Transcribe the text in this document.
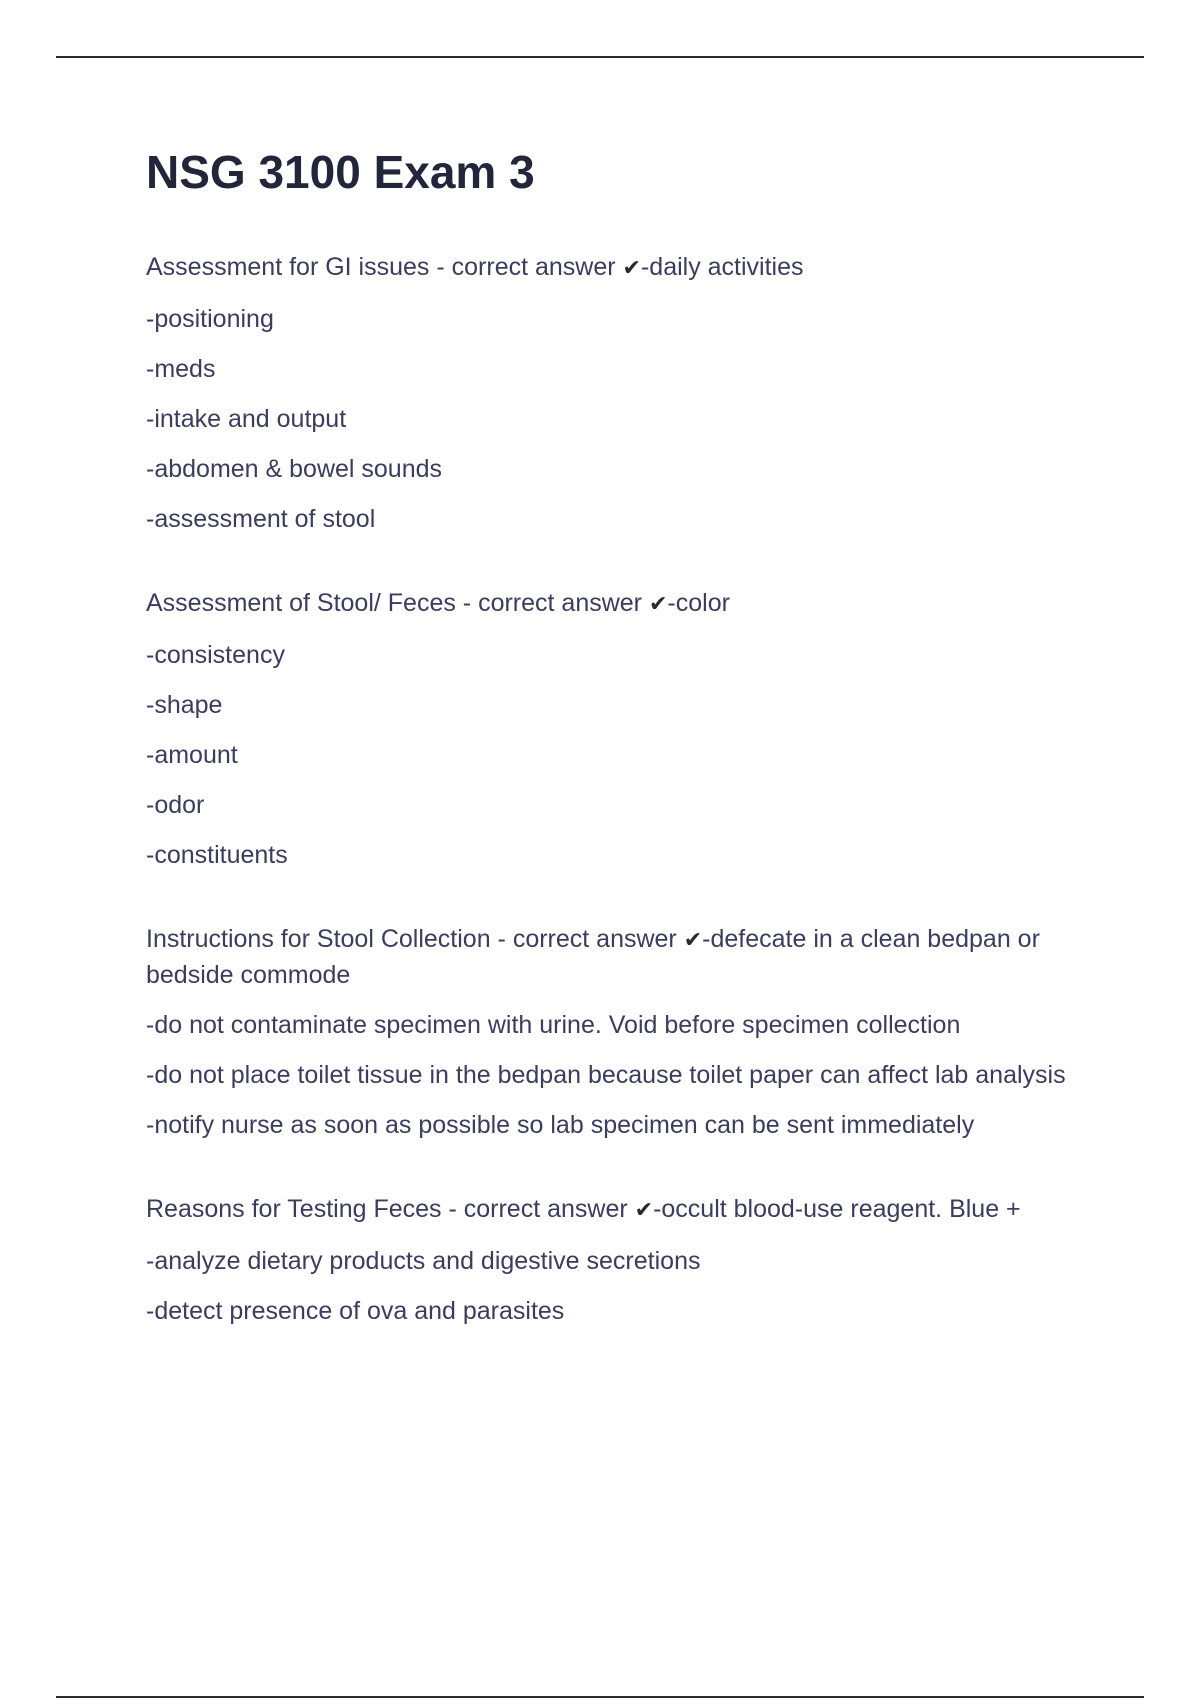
NSG 3100 Exam 3
Assessment for GI issues - correct answer ✔-daily activities
-positioning
-meds
-intake and output
-abdomen & bowel sounds
-assessment of stool
Assessment of Stool/ Feces - correct answer ✔-color
-consistency
-shape
-amount
-odor
-constituents
Instructions for Stool Collection - correct answer ✔-defecate in a clean bedpan or bedside commode
-do not contaminate specimen with urine. Void before specimen collection
-do not place toilet tissue in the bedpan because toilet paper can affect lab analysis
-notify nurse as soon as possible so lab specimen can be sent immediately
Reasons for Testing Feces - correct answer ✔-occult blood-use reagent. Blue +
-analyze dietary products and digestive secretions
-detect presence of ova and parasites
